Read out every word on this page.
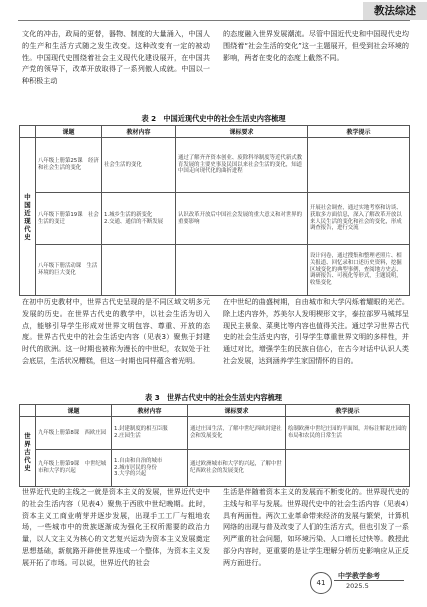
教法综述

文化的冲击，政局的更替，器物、制度的大量涌入，中国人的生产和生活方式随之发生改变。这种改变有一定的被动性。中国现代史围绕着社会主义现代化建设展开，在中国共产党的领导下，改革开放取得了一系列傲人成就。中国以一种积极主动

的态度融入世界发展潮流。尽管中国近代史和中国现代史均围绕着“社会生活的变化”这一主题展开，但受到社会环境的影响，两者在变化的态度上截然不同。

表 2　中国近现代史中的社会生活史内容梳理
	课题	教材内容	课标要求	教学提示
中国近现代史	八年级上册第25课　经济和社会生活的变化	社会生活的变化	通过了解齐齐资本创业、废除科举制度等近代新式教育发展的主要史事及民国以来社会生活的变化，知道中国走向现代化的曲折进程	
	八年级下册第19课　社会生活的变迁	1.城乡生活的新变化
2.交通、通信的不断发展	认识改革开放后中国社会发展的重大意义和对世界的重要影响	开展社会调查，通过实地考察和访谈、获取多方面信息，深入了解改革开放以来人民生活的变化和社会的变化，形成调查报告，进行交流
	八年级下册活动课　生活环境的巨大变化			设计问卷，通过搜集和整理老照片、相关报道、回忆录和口述历史资料，挖掘区域变化的典型事例，查阅地方史志、调研报告、可视化等形式，主题说明，收集变化

在初中历史教材中，世界古代史呈现的是不同区域文明多元发展的历史。在世界古代史的教学中，以社会生活为切入点，能够引导学生形成对世界文明包容、尊重、开放的态度。世界古代史中的社会生活史内容（见表3）聚焦于封建时代的欧洲。这一时期也被称为漫长的中世纪，农奴处于社会底层，生活状况糟糕，但这一时期也同样蕴含着光明。

在中世纪的曲盛树期，自由城市和大学闪烁着耀眼的光芒。除上述内容外，苏美尔人发明楔形文字，泰拉部罗马城邦呈现民主景象、菜奥比等内容也值得关注。通过学习世界古代史的社会生活史内容，引导学生尊重世界文明的多样性，并通过对比，增强学生的民族自信心，在古今对话中认识人类社会发展，达到涵养学生家国情怀的目的。

表 3　世界古代史中的社会生活史内容梳理
	课题	教材内容	课标要求	教学提示
世界古代史	九年级上册第8课　西欧庄园	1.封建制度的相互臣服
2.庄园生活	通过庄园生活，了解中世纪西欧封建社会和发展变化	绘制欧洲中世纪庄园的平面图，并标注解说庄园的布局和农民的日常生活
	九年级上册第9课　中世纪城市和大学的兴起	1.自由和自治的城市
2.城市居民的身份
3.大学的兴起	通过欧洲城市和大学的兴起，了解中世纪西欧社会的发展变化	

世界近代史的主线之一就是资本主义的发展，世界近代史中的社会生活内容（见表4）聚焦于西欧中世纪晚期。此时，资本主义工商业萌芽并逐步发展，出现手工工厂与粗地农场，一些城市中的贵族逐渐成为强化王权所需要的政治力量，以人文主义为核心的文艺复兴运动为资本主义发展奠定思想基础，新航路开辟使世界连成一个整体，为资本主义发展开拓了市场。可以说，世界近代的社会

生活是伴随着资本主义的发展而不断变化的。世界现代史的主线与和平与发展。世界现代史中的社会生活内容（见表4）具有两面性。两次工业革命带来经济的发展与繁荣，计算机网络的出现与普及改变了人们的生活方式，但也引发了一系列严重的社会问题，如环境污染、人口增长过快等。教授此部分内容时，更重要的是让学生理解分析历史影响应从正反两方面进行。

41
中学教学参考
2025.5
